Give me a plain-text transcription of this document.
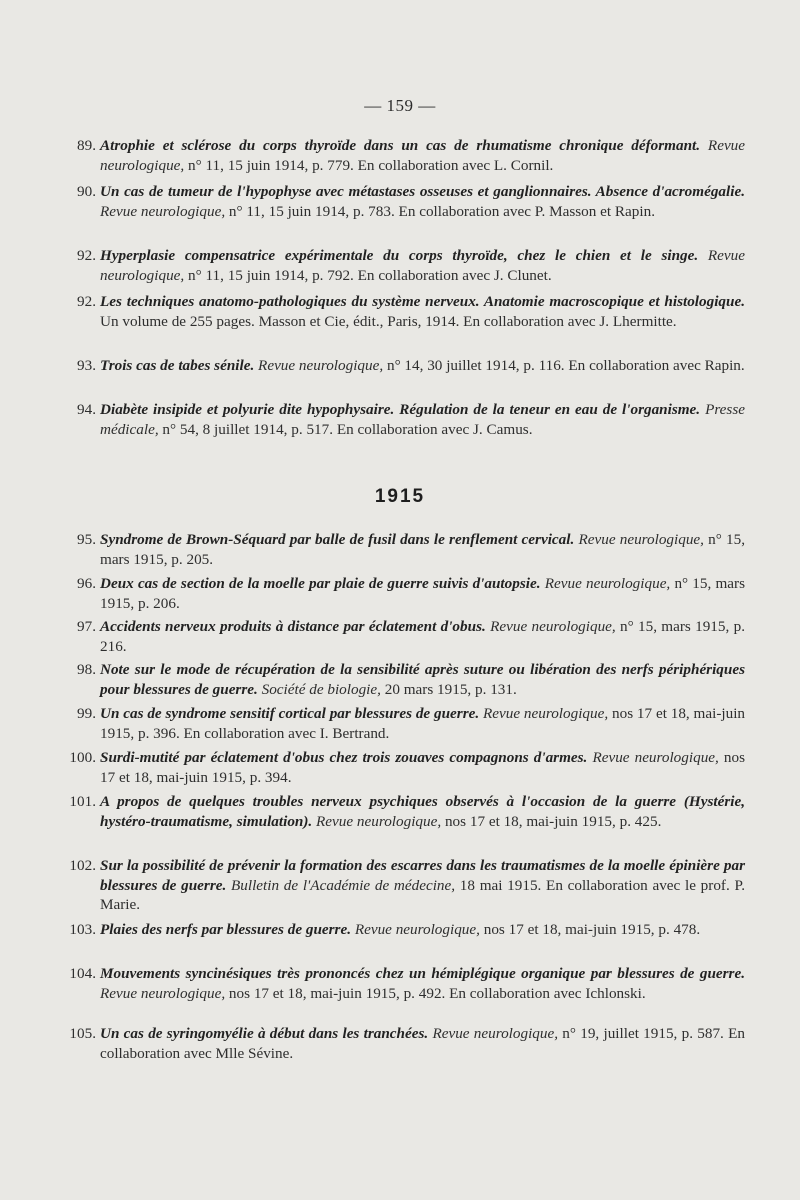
— 159 —
89. Atrophie et sclérose du corps thyroïde dans un cas de rhumatisme chronique déformant. Revue neurologique, n° 11, 15 juin 1914, p. 779. En collaboration avec L. Cornil.
90. Un cas de tumeur de l'hypophyse avec métastases osseuses et ganglionnaires. Absence d'acromégalie. Revue neurologique, n° 11, 15 juin 1914, p. 783. En collaboration avec P. Masson et Rapin.
92. Hyperplasie compensatrice expérimentale du corps thyroïde, chez le chien et le singe. Revue neurologique, n° 11, 15 juin 1914, p. 792. En collaboration avec J. Clunet.
92. Les techniques anatomo-pathologiques du système nerveux. Anatomie macroscopique et histologique. Un volume de 255 pages. Masson et Cie, édit., Paris, 1914. En collaboration avec J. Lhermitte.
93. Trois cas de tabes sénile. Revue neurologique, n° 14, 30 juillet 1914, p. 116. En collaboration avec Rapin.
94. Diabète insipide et polyurie dite hypophysaire. Régulation de la teneur en eau de l'organisme. Presse médicale, n° 54, 8 juillet 1914, p. 517. En collaboration avec J. Camus.
1915
95. Syndrome de Brown-Séquard par balle de fusil dans le renflement cervical. Revue neurologique, n° 15, mars 1915, p. 205.
96. Deux cas de section de la moelle par plaie de guerre suivis d'autopsie. Revue neurologique, n° 15, mars 1915, p. 206.
97. Accidents nerveux produits à distance par éclatement d'obus. Revue neurologique, n° 15, mars 1915, p. 216.
98. Note sur le mode de récupération de la sensibilité après suture ou libération des nerfs périphériques pour blessures de guerre. Société de biologie, 20 mars 1915, p. 131.
99. Un cas de syndrome sensitif cortical par blessures de guerre. Revue neurologique, nos 17 et 18, mai-juin 1915, p. 396. En collaboration avec I. Bertrand.
100. Surdi-mutité par éclatement d'obus chez trois zouaves compagnons d'armes. Revue neurologique, nos 17 et 18, mai-juin 1915, p. 394.
101. A propos de quelques troubles nerveux psychiques observés à l'occasion de la guerre (Hystérie, hystéro-traumatisme, simulation). Revue neurologique, nos 17 et 18, mai-juin 1915, p. 425.
102. Sur la possibilité de prévenir la formation des escarres dans les traumatismes de la moelle épinière par blessures de guerre. Bulletin de l'Académie de médecine, 18 mai 1915. En collaboration avec le prof. P. Marie.
103. Plaies des nerfs par blessures de guerre. Revue neurologique, nos 17 et 18, mai-juin 1915, p. 478.
104. Mouvements syncinésiques très prononcés chez un hémiplégique organique par blessures de guerre. Revue neurologique, nos 17 et 18, mai-juin 1915, p. 492. En collaboration avec Ichlonski.
105. Un cas de syringomyélie à début dans les tranchées. Revue neurologique, n° 19, juillet 1915, p. 587. En collaboration avec Mlle Sévine.
